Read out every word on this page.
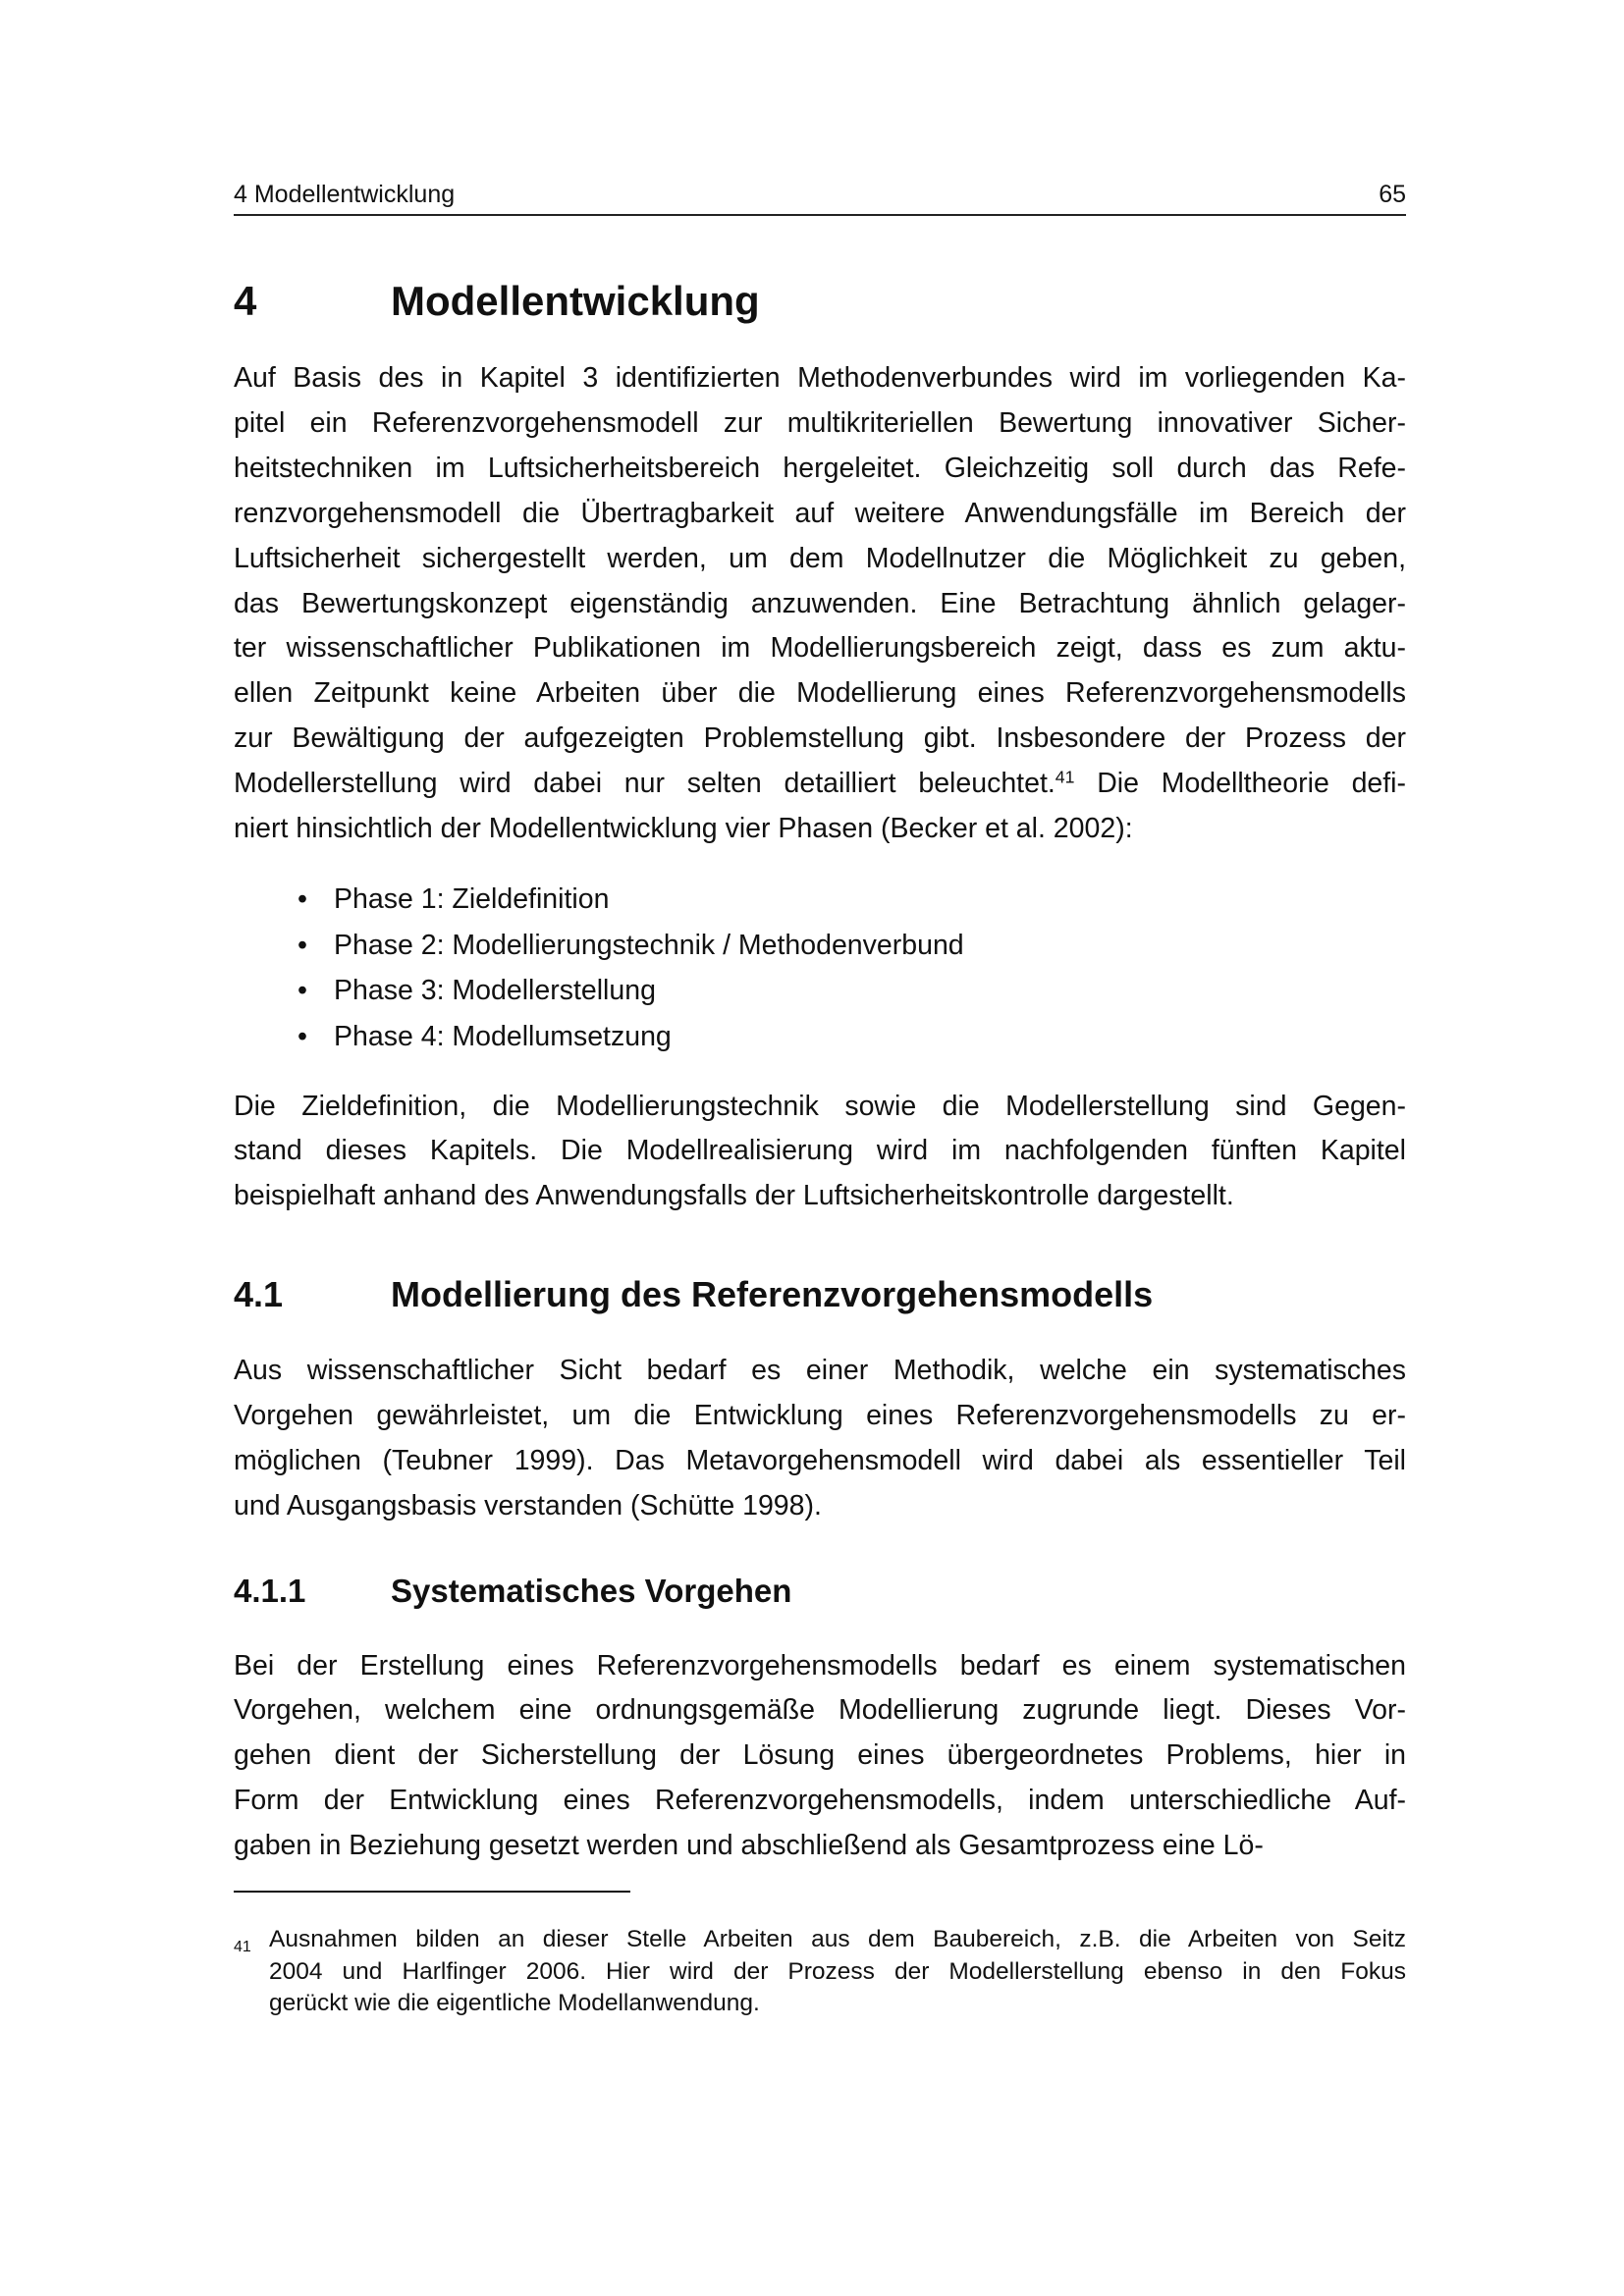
4 Modellentwicklung	65
4	Modellentwicklung
4.1	Modellierung des Referenzvorgehensmodells
4.1.1	Systematisches Vorgehen
Auf Basis des in Kapitel 3 identifizierten Methodenverbundes wird im vorliegenden Ka-
pitel ein Referenzvorgehensmodell zur multikriteriellen Bewertung innovativer Sicher-
heitstechniken im Luftsicherheitsbereich hergeleitet. Gleichzeitig soll durch das Refe-
renzvorgehensmodell die Übertragbarkeit auf weitere Anwendungsfälle im Bereich der
Luftsicherheit sichergestellt werden, um dem Modellnutzer die Möglichkeit zu geben,
das Bewertungskonzept eigenständig anzuwenden. Eine Betrachtung ähnlich gelager-
ter wissenschaftlicher Publikationen im Modellierungsbereich zeigt, dass es zum aktu-
ellen Zeitpunkt keine Arbeiten über die Modellierung eines Referenzvorgehensmodells
zur Bewältigung der aufgezeigten Problemstellung gibt. Insbesondere der Prozess der
Modellerstellung wird dabei nur selten detailliert beleuchtet.$^{41}$ Die Modelltheorie defi-
niert hinsichtlich der Modellentwicklung vier Phasen (Becker et al. 2002):
• Phase 1: Zieldefinition
• Phase 2: Modellierungstechnik / Methodenverbund
• Phase 3: Modellerstellung
• Phase 4: Modellumsetzung
Die Zieldefinition, die Modellierungstechnik sowie die Modellerstellung sind Gegen-
stand dieses Kapitels. Die Modellrealisierung wird im nachfolgenden fünften Kapitel
beispielhaft anhand des Anwendungsfalls der Luftsicherheitskontrolle dargestellt.
Aus wissenschaftlicher Sicht bedarf es einer Methodik, welche ein systematisches
Vorgehen gewährleistet, um die Entwicklung eines Referenzvorgehensmodells zu er-
möglichen (Teubner 1999). Das Metavorgehensmodell wird dabei als essentieller Teil
und Ausgangsbasis verstanden (Schütte 1998).
Bei der Erstellung eines Referenzvorgehensmodells bedarf es einem systematischen
Vorgehen, welchem eine ordnungsgemäße Modellierung zugrunde liegt. Dieses Vor-
gehen dient der Sicherstellung der Lösung eines übergeordnetes Problems, hier in
Form der Entwicklung eines Referenzvorgehensmodells, indem unterschiedliche Auf-
gaben in Beziehung gesetzt werden und abschließend als Gesamtprozess eine Lö-
41 Ausnahmen bilden an dieser Stelle Arbeiten aus dem Baubereich, z.B. die Arbeiten von Seitz
2004 und Harlfinger 2006. Hier wird der Prozess der Modellerstellung ebenso in den Fokus
gerückt wie die eigentliche Modellanwendung.
